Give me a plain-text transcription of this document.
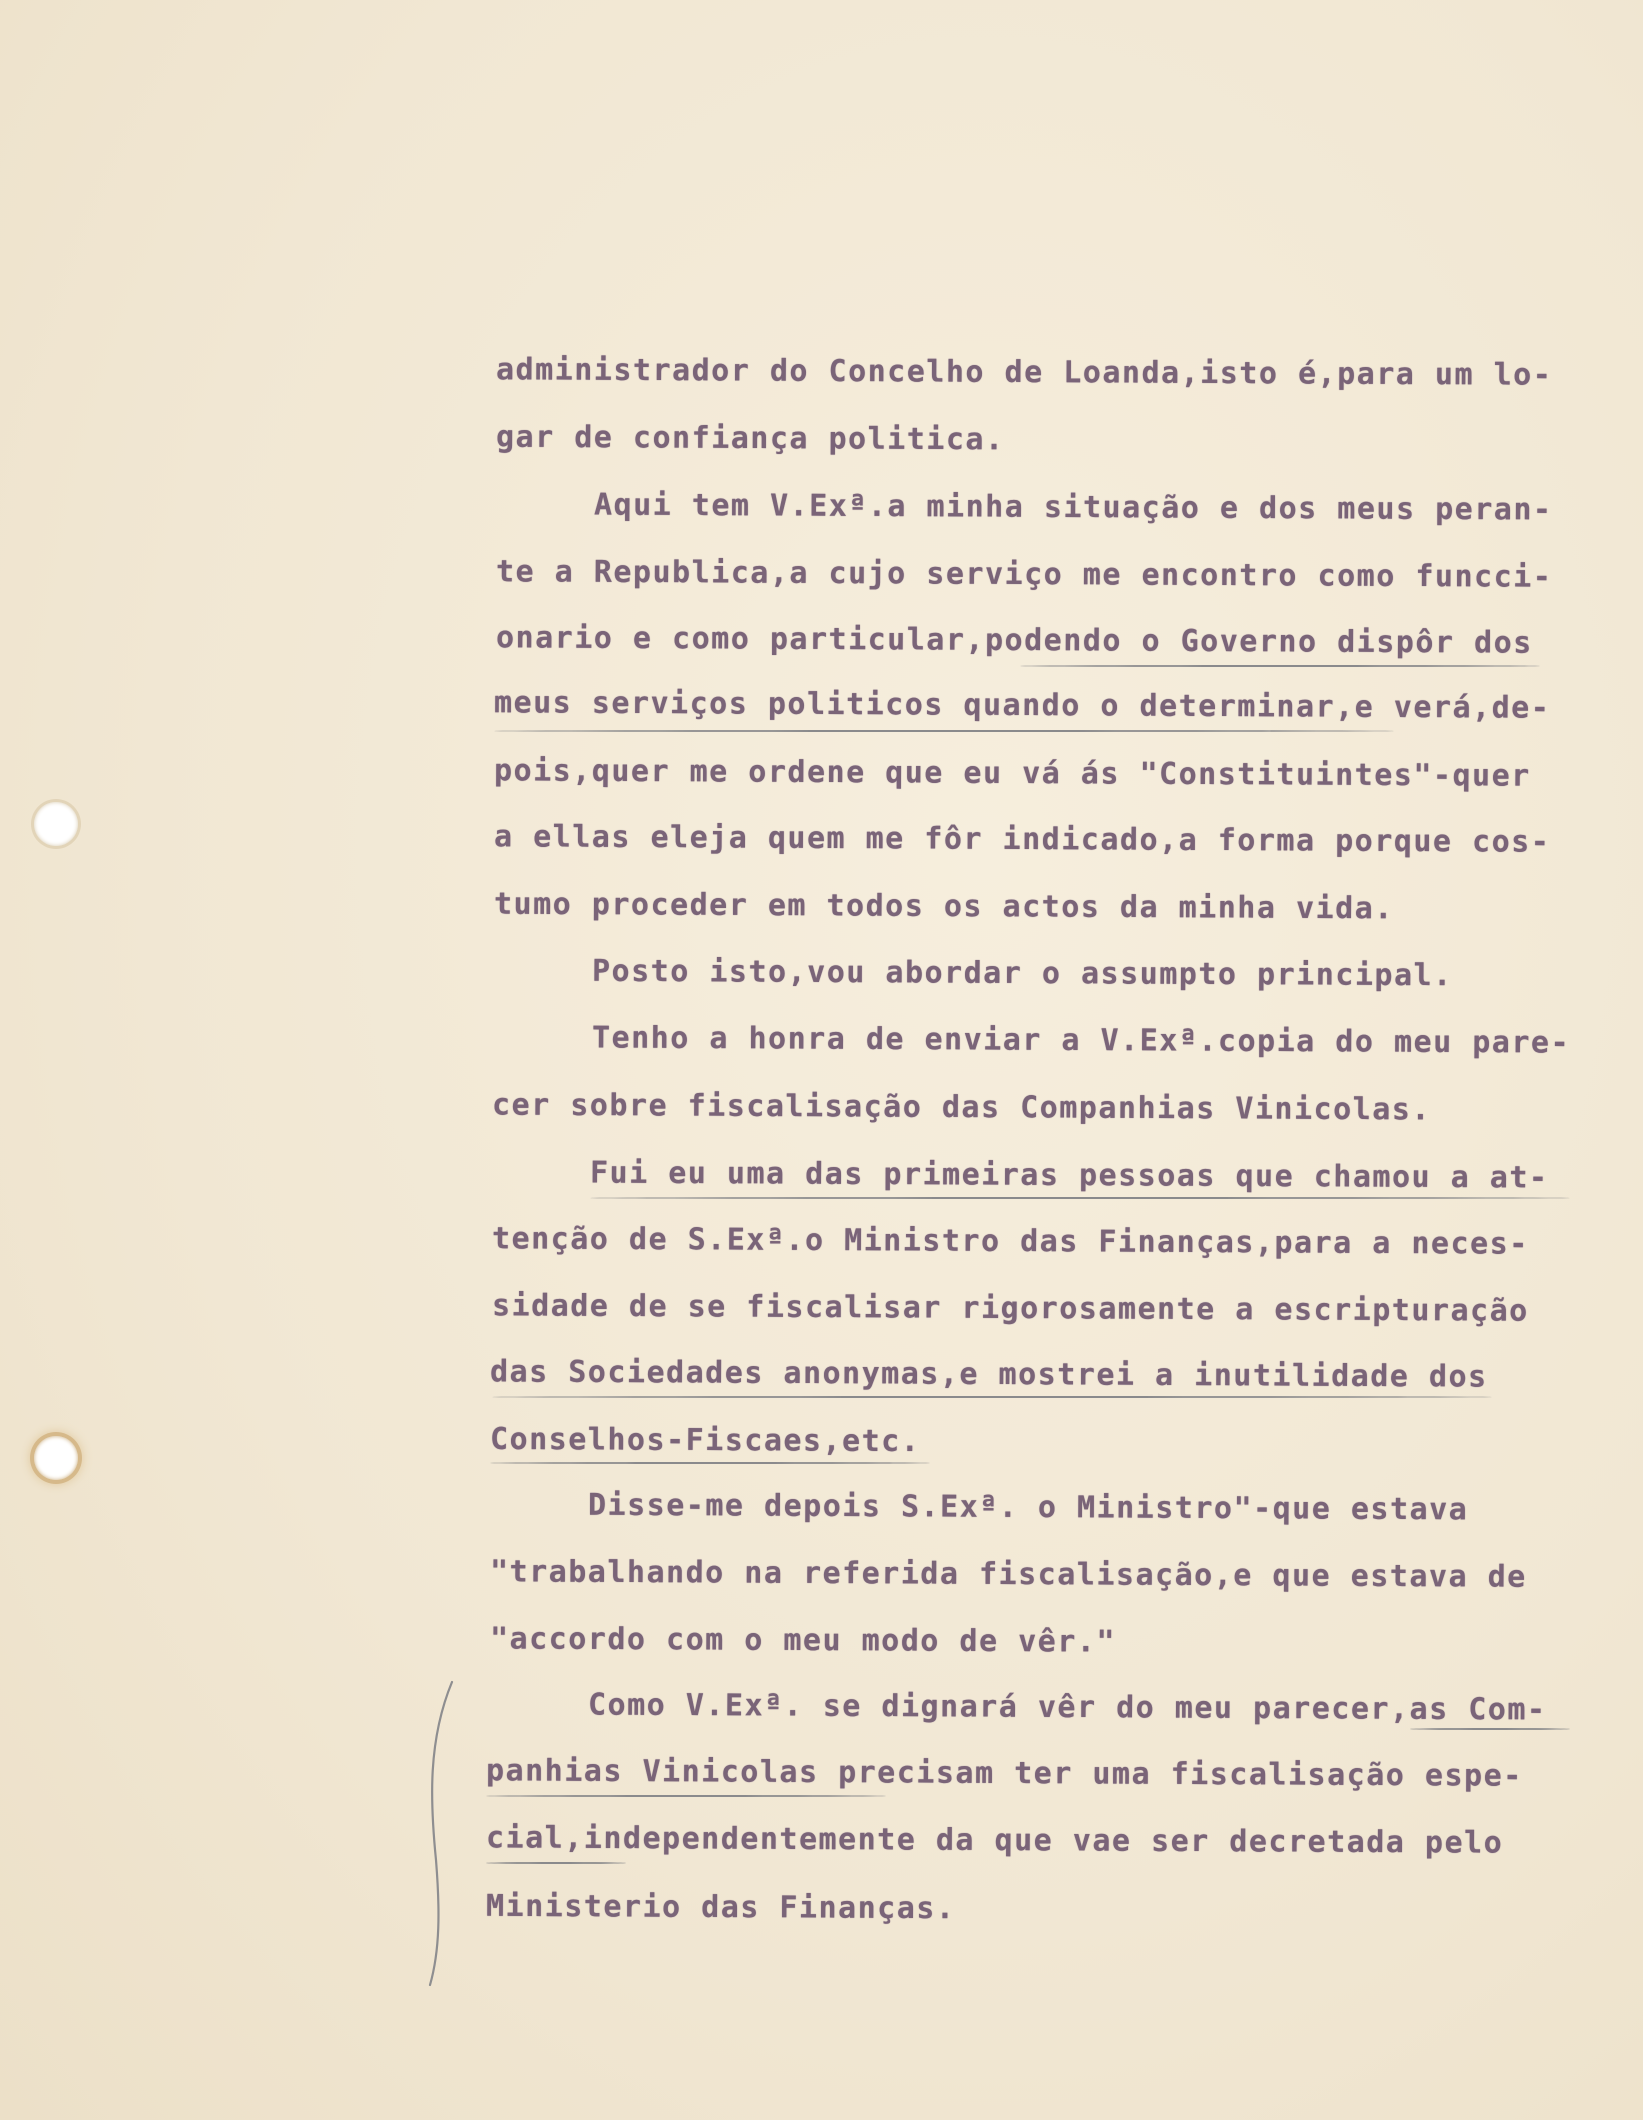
administrador do Concelho de Loanda,isto é,para um lo-
gar de confiança politica.
Aqui tem V.Exª.a minha situação e dos meus peran-
te a Republica,a cujo serviço me encontro como funcci-
onario e como particular,podendo o Governo dispôr dos
meus serviços politicos quando o determinar,e verá,de-
pois,quer me ordene que eu vá ás "Constituintes"-quer
a ellas eleja quem me fôr indicado,a forma porque cos-
tumo proceder em todos os actos da minha vida.
Posto isto,vou abordar o assumpto principal.
Tenho a honra de enviar a V.Exª.copia do meu pare-
cer sobre fiscalisação das Companhias Vinicolas.
Fui eu uma das primeiras pessoas que chamou a at-
tenção de S.Exª.o Ministro das Finanças,para a neces-
sidade de se fiscalisar rigorosamente a escripturação
das Sociedades anonymas,e mostrei a inutilidade dos
Conselhos-Fiscaes,etc.
Disse-me depois S.Exª. o Ministro"-que estava
"trabalhando na referida fiscalisação,e que estava de
"accordo com o meu modo de vêr."
Como V.Exª. se dignará vêr do meu parecer,as Com-
panhias Vinicolas precisam ter uma fiscalisação espe-
cial,independentemente da que vae ser decretada pelo
Ministerio das Finanças.
